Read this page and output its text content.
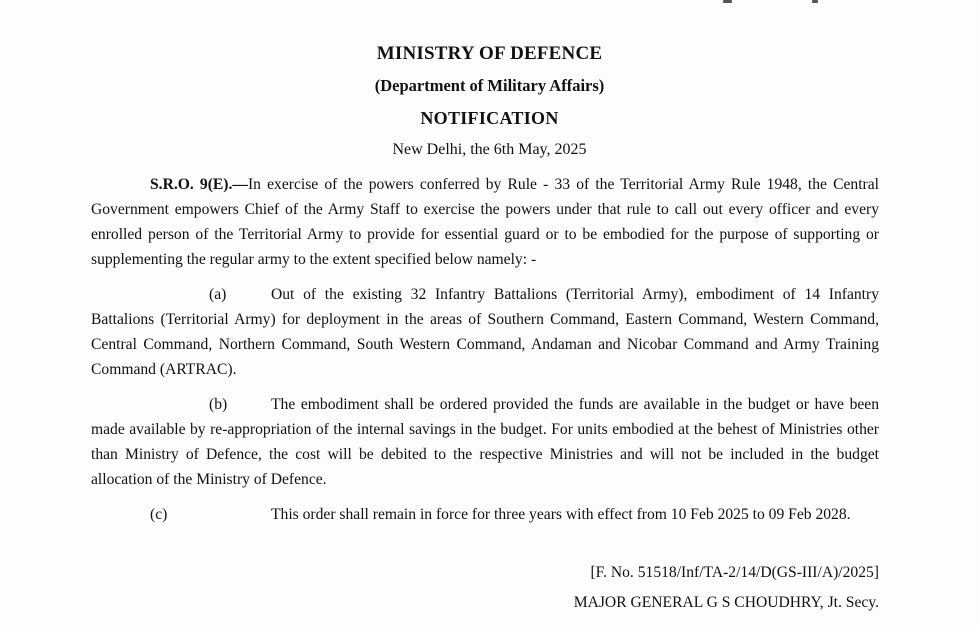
MINISTRY OF DEFENCE

(Department of Military Affairs)

NOTIFICATION

New Delhi, the 6th May, 2025

S.R.O. 9(E).—In exercise of the powers conferred by Rule - 33 of the Territorial Army Rule 1948, the Central Government empowers Chief of the Army Staff to exercise the powers under that rule to call out every officer and every enrolled person of the Territorial Army to provide for essential guard or to be embodied for the purpose of supporting or supplementing the regular army to the extent specified below namely: -

(a)	Out of the existing 32 Infantry Battalions (Territorial Army), embodiment of 14 Infantry Battalions (Territorial Army) for deployment in the areas of Southern Command, Eastern Command, Western Command, Central Command, Northern Command, South Western Command, Andaman and Nicobar Command and Army Training Command (ARTRAC).

(b)	The embodiment shall be ordered provided the funds are available in the budget or have been made available by re-appropriation of the internal savings in the budget. For units embodied at the behest of Ministries other than Ministry of Defence, the cost will be debited to the respective Ministries and will not be included in the budget allocation of the Ministry of Defence.

(c)	This order shall remain in force for three years with effect from 10 Feb 2025 to 09 Feb 2028.

[F. No. 51518/Inf/TA-2/14/D(GS-III/A)/2025]

MAJOR GENERAL G S CHOUDHRY, Jt. Secy.
